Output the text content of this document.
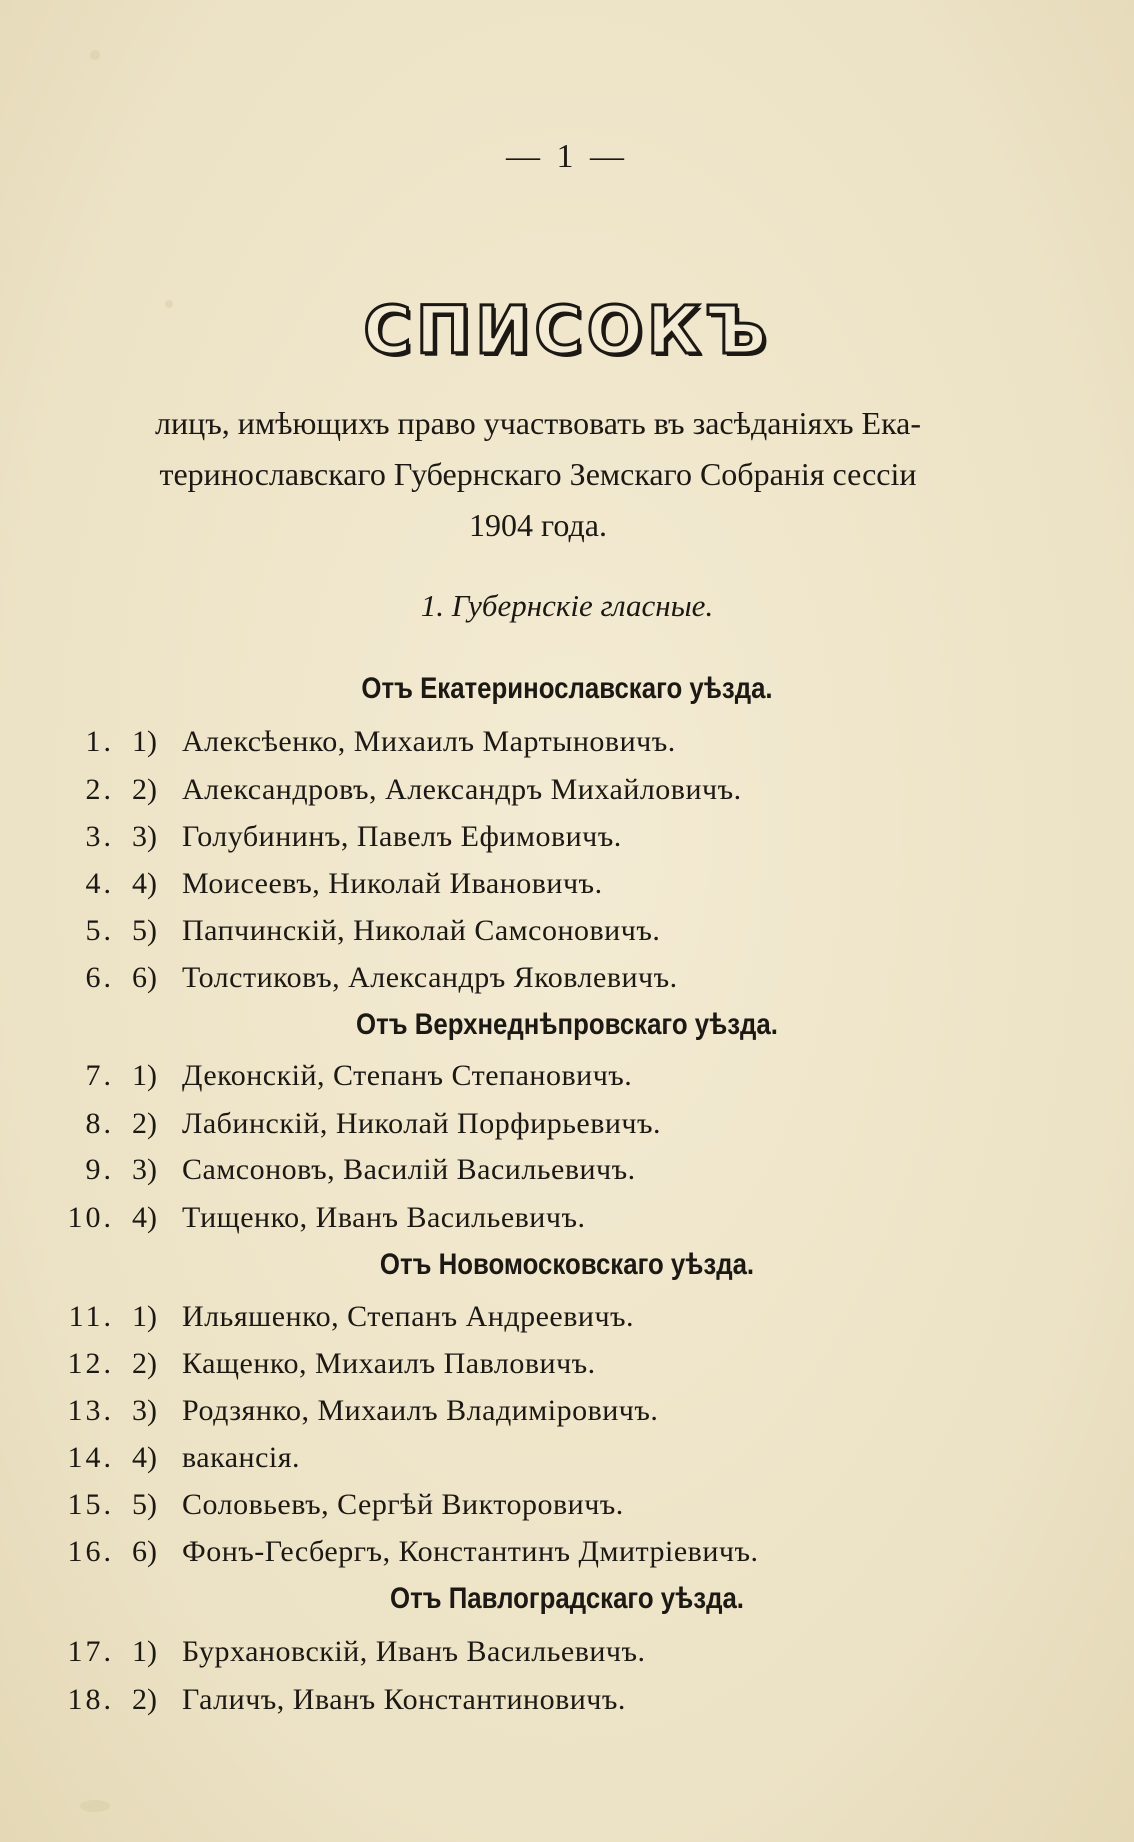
— 1 —
СПИСОКЪ
лицъ, имѣющихъ право участвовать въ засѣданіяхъ Ека-
теринославскаго Губернскаго Земскаго Собранія сессіи
1904 года.
1. Губернскіе гласные.
Отъ Екатеринославскаго уѣзда.
1. 1) Алексѣенко, Михаилъ Мартыновичъ.
2. 2) Александровъ, Александръ Михайловичъ.
3. 3) Голубининъ, Павелъ Ефимовичъ.
4. 4) Моисеевъ, Николай Ивановичъ.
5. 5) Папчинскій, Николай Самсоновичъ.
6. 6) Толстиковъ, Александръ Яковлевичъ.
Отъ Верхнеднѣпровскаго уѣзда.
7. 1) Деконскій, Степанъ Степановичъ.
8. 2) Лабинскій, Николай Порфирьевичъ.
9. 3) Самсоновъ, Василій Васильевичъ.
10. 4) Тищенко, Иванъ Васильевичъ.
Отъ Новомосковскаго уѣзда.
11. 1) Ильяшенко, Степанъ Андреевичъ.
12. 2) Кащенко, Михаилъ Павловичъ.
13. 3) Родзянко, Михаилъ Владиміровичъ.
14. 4) вакансія.
15. 5) Соловьевъ, Сергѣй Викторовичъ.
16. 6) Фонъ-Гесбергъ, Константинъ Дмитріевичъ.
Отъ Павлоградскаго уѣзда.
17. 1) Бурхановскій, Иванъ Васильевичъ.
18. 2) Галичъ, Иванъ Константиновичъ.
